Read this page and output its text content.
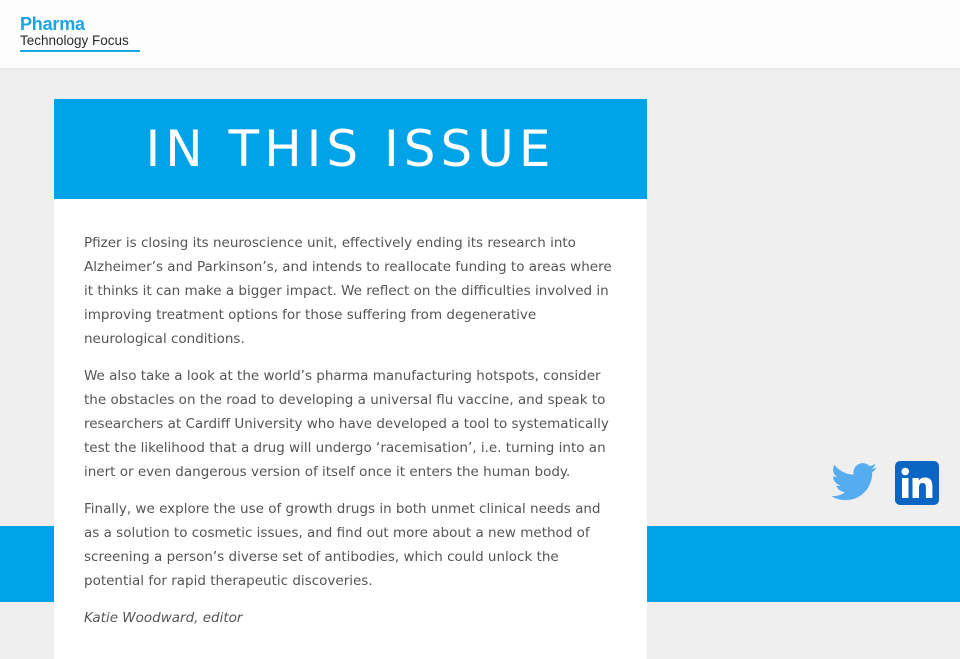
Pharma
Technology Focus
IN THIS ISSUE

Pfizer is closing its neuroscience unit, effectively ending its research into Alzheimer’s and Parkinson’s, and intends to reallocate funding to areas where it thinks it can make a bigger impact. We reflect on the difficulties involved in improving treatment options for those suffering from degenerative neurological conditions.

We also take a look at the world’s pharma manufacturing hotspots, consider the obstacles on the road to developing a universal flu vaccine, and speak to researchers at Cardiff University who have developed a tool to systematically test the likelihood that a drug will undergo ‘racemisation’, i.e. turning into an inert or even dangerous version of itself once it enters the human body.

Finally, we explore the use of growth drugs in both unmet clinical needs and as a solution to cosmetic issues, and find out more about a new method of screening a person’s diverse set of antibodies, which could unlock the potential for rapid therapeutic discoveries.

Katie Woodward, editor
